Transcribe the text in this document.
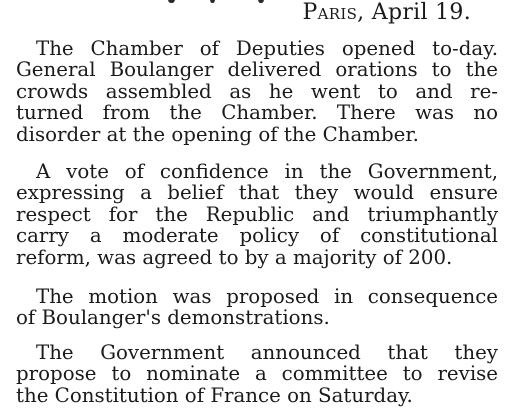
Paris, April 19.

The Chamber of Deputies opened to-day.
General Boulanger delivered orations to the
crowds assembled as he went to and re-
turned from the Chamber. There was no
disorder at the opening of the Chamber.

A vote of confidence in the Government,
expressing a belief that they would ensure
respect for the Republic and triumphantly
carry a moderate policy of constitutional
reform, was agreed to by a majority of 200.

The motion was proposed in consequence
of Boulanger's demonstrations.

The Government announced that they
propose to nominate a committee to revise
the Constitution of France on Saturday.
